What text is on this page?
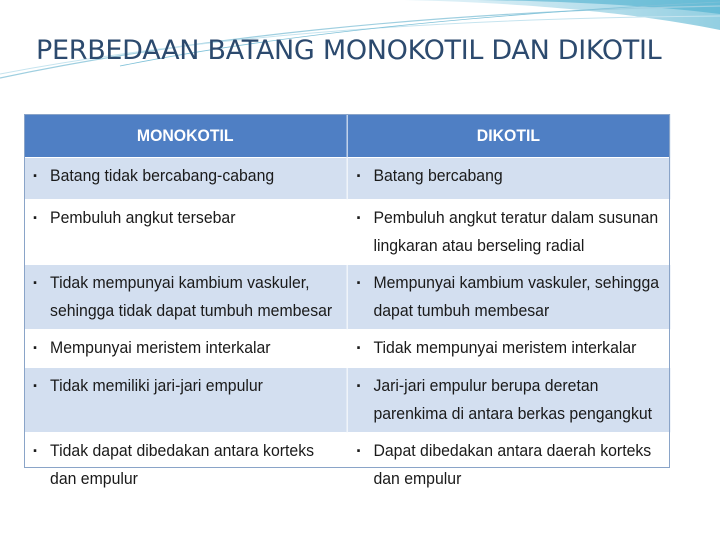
PERBEDAAN BATANG MONOKOTIL DAN DIKOTIL
MONOKOTIL	DIKOTIL

▪ Batang tidak bercabang-cabang	▪ Batang bercabang

▪ Pembuluh angkut tersebar	▪ Pembuluh angkut teratur dalam susunan lingkaran atau berseling radial

▪ Tidak mempunyai kambium vaskuler, sehingga tidak dapat tumbuh membesar	▪ Mempunyai kambium vaskuler, sehingga dapat tumbuh membesar

▪ Mempunyai meristem interkalar	▪ Tidak mempunyai meristem interkalar

▪ Tidak memiliki jari-jari empulur	▪ Jari-jari empulur berupa deretan parenkima di antara berkas pengangkut

▪ Tidak dapat dibedakan antara korteks dan empulur	▪ Dapat dibedakan antara daerah korteks dan empulur
